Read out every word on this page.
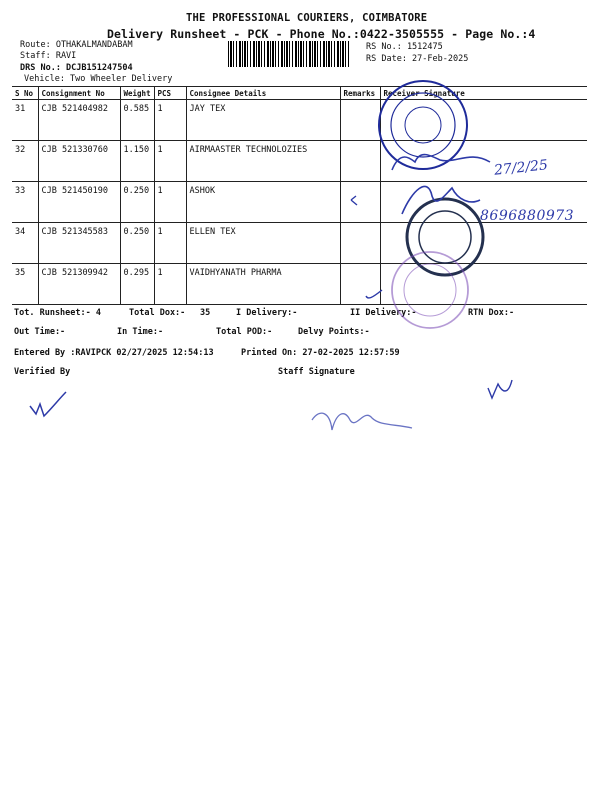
THE PROFESSIONAL COURIERS, COIMBATORE
Delivery Runsheet - PCK - Phone No.:0422-3505555 - Page No.:4
Route: OTHAKALMANDABAM
Staff: RAVI
DRS No.: DCJB151247504
Vehicle: Two Wheeler Delivery
RS No.: 1512475
RS Date: 27-Feb-2025
S No	Consignment No	Weight	PCS	Consignee Details	Remarks	Receiver Signature
31	CJB 521404982	0.585	1	JAY TEX		
32	CJB 521330760	1.150	1	AIRMAASTER TECHNOLOZIES		
33	CJB 521450190	0.250	1	ASHOK		
34	CJB 521345583	0.250	1	ELLEN TEX		
35	CJB 521309942	0.295	1	VAIDHYANATH PHARMA		
Tot. Runsheet:- 4	Total Dox:- 35	I Delivery:-	II Delivery:-	RTN Dox:-
Out Time:-	In Time:-	Total POD:-	Delvy Points:-
Entered By :RAVIPCK 02/27/2025 12:54:13	Printed On: 27-02-2025 12:57:59
Verified By	Staff Signature
27/2/25
8696880973
